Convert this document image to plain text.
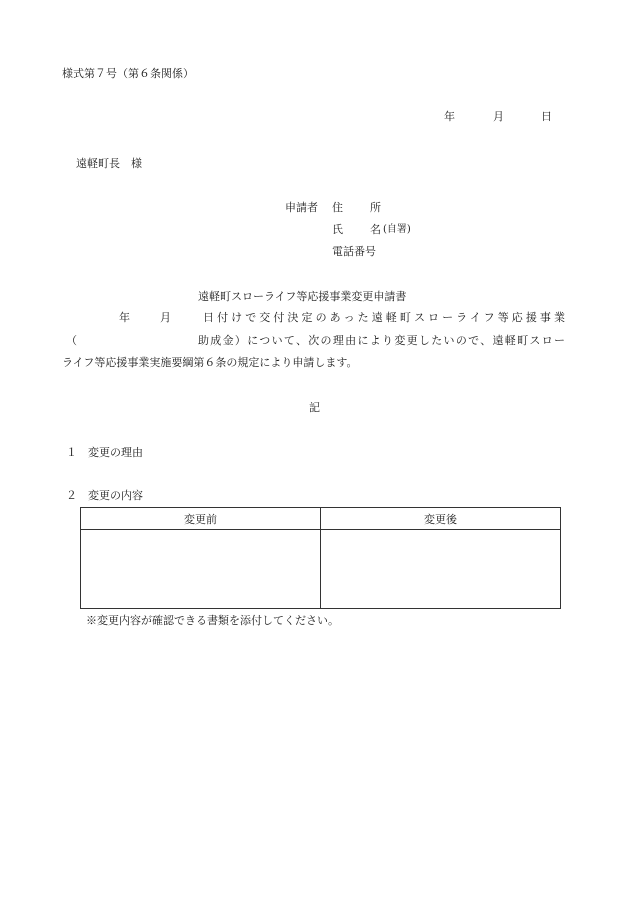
様式第７号（第６条関係）
年	月	日
遠軽町長　様
申請者 住 所
氏 名 (自署)
電話番号
遠軽町スローライフ等応援事業変更申請書
年	月	日付けで交付決定のあった遠軽町スローライフ等応援事業
（	助成金）について、次の理由により変更したいので、遠軽町スロー
ライフ等応援事業実施要綱第６条の規定により申請します。
記
１ 変更の理由
２ 変更の内容
変更前	変更後

※変更内容が確認できる書類を添付してください。
